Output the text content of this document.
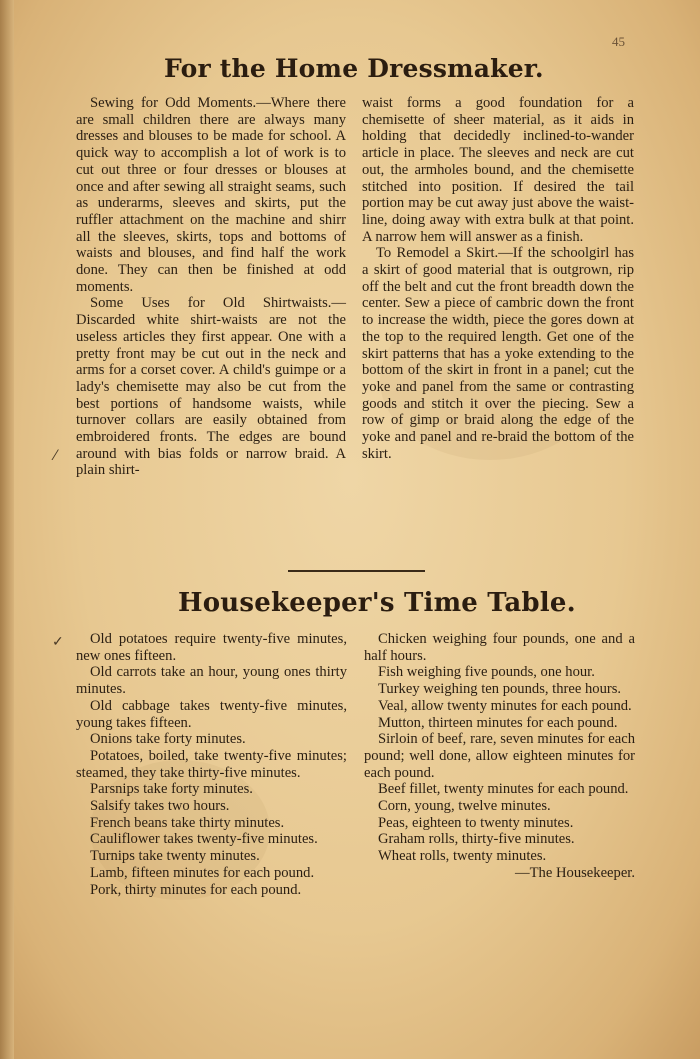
45
For the Home Dressmaker.

Sewing for Odd Moments.—Where there are small children there are always many dresses and blouses to be made for school. A quick way to accomplish a lot of work is to cut out three or four dresses or blouses at once and after sewing all straight seams, such as underarms, sleeves and skirts, put the ruffler attachment on the machine and shirr all the sleeves, skirts, tops and bottoms of waists and blouses, and find half the work done. They can then be finished at odd moments.

Some Uses for Old Shirtwaists.—Discarded white shirt-waists are not the useless articles they first appear. One with a pretty front may be cut out in the neck and arms for a corset cover. A child's guimpe or a lady's chemisette may also be cut from the best portions of handsome waists, while turnover collars are easily obtained from embroidered fronts. The edges are bound around with bias folds or narrow braid. A plain shirt-

waist forms a good foundation for a chemisette of sheer material, as it aids in holding that decidedly inclined-to-wander article in place. The sleeves and neck are cut out, the armholes bound, and the chemisette stitched into position. If desired the tail portion may be cut away just above the waist-line, doing away with extra bulk at that point. A narrow hem will answer as a finish.

To Remodel a Skirt.—If the schoolgirl has a skirt of good material that is outgrown, rip off the belt and cut the front breadth down the center. Sew a piece of cambric down the front to increase the width, piece the gores down at the top to the required length. Get one of the skirt patterns that has a yoke extending to the bottom of the skirt in front in a panel; cut the yoke and panel from the same or contrasting goods and stitch it over the piecing. Sew a row of gimp or braid along the edge of the yoke and panel and re-braid the bottom of the skirt.

Housekeeper's Time Table.
✓
⁄

Old potatoes require twenty-five minutes, new ones fifteen.

Old carrots take an hour, young ones thirty minutes.

Old cabbage takes twenty-five minutes, young takes fifteen.

Onions take forty minutes.

Potatoes, boiled, take twenty-five minutes; steamed, they take thirty-five minutes.

Parsnips take forty minutes.

Salsify takes two hours.

French beans take thirty minutes.

Cauliflower takes twenty-five minutes.

Turnips take twenty minutes.

Lamb, fifteen minutes for each pound.

Pork, thirty minutes for each pound.

Chicken weighing four pounds, one and a half hours.

Fish weighing five pounds, one hour.

Turkey weighing ten pounds, three hours.

Veal, allow twenty minutes for each pound.

Mutton, thirteen minutes for each pound.

Sirloin of beef, rare, seven minutes for each pound; well done, allow eighteen minutes for each pound.

Beef fillet, twenty minutes for each pound.

Corn, young, twelve minutes.

Peas, eighteen to twenty minutes.

Graham rolls, thirty-five minutes.

Wheat rolls, twenty minutes.

—The Housekeeper.
